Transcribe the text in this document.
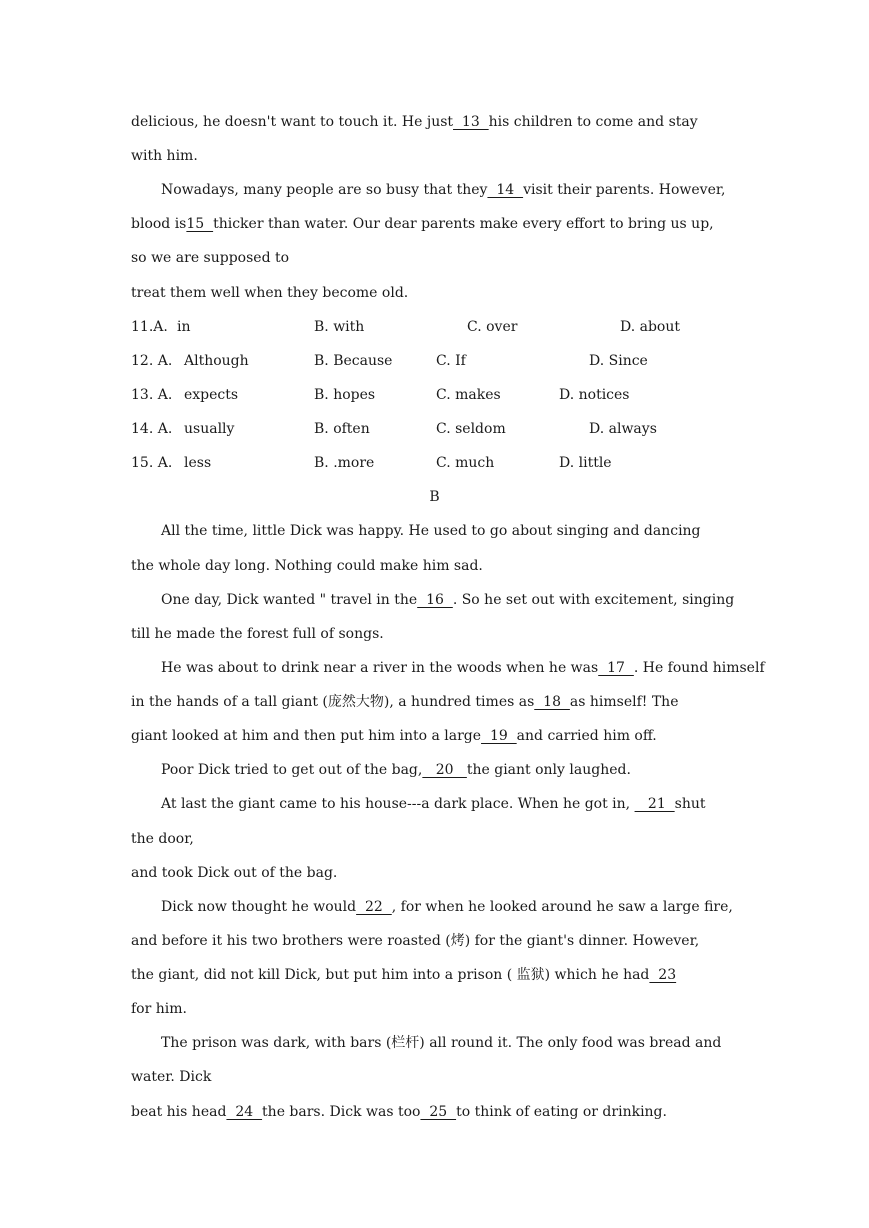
delicious, he doesn't want to touch it. He just  13  his children to come and stay
with him.
Nowadays, many people are so busy that they  14  visit their parents. However,
blood is15  thicker than water. Our dear parents make every effort to bring us up,
so we are supposed to
treat them well when they become old.
11.A. in	B. with	C. over	D. about
12. A. Although	B. Because	C. If	D. Since
13. A. expects	B. hopes	C. makes	D. notices
14. A. usually	B. often	C. seldom	D. always
15. A. less	B. .more	C. much	D. little
B
All the time, little Dick was happy. He used to go about singing and dancing
the whole day long. Nothing could make him sad.
One day, Dick wanted " travel in the  16  . So he set out with excitement, singing
till he made the forest full of songs.
He was about to drink near a river in the woods when he was  17  . He found himself
in the hands of a tall giant (庞然大物), a hundred times as  18  as himself! The
giant looked at him and then put him into a large  19  and carried him off.
Poor Dick tried to get out of the bag,   20   the giant only laughed.
At last the giant came to his house---a dark place. When he got in,    21  shut
the door,
and took Dick out of the bag.
Dick now thought he would  22  , for when he looked around he saw a large fire,
and before it his two brothers were roasted (烤) for the giant's dinner. However,
the giant, did not kill Dick, but put him into a prison ( 监狱) which he had  23
for him.
The prison was dark, with bars (栏杆) all round it. The only food was bread and
water. Dick
beat his head  24  the bars. Dick was too  25  to think of eating or drinking.
